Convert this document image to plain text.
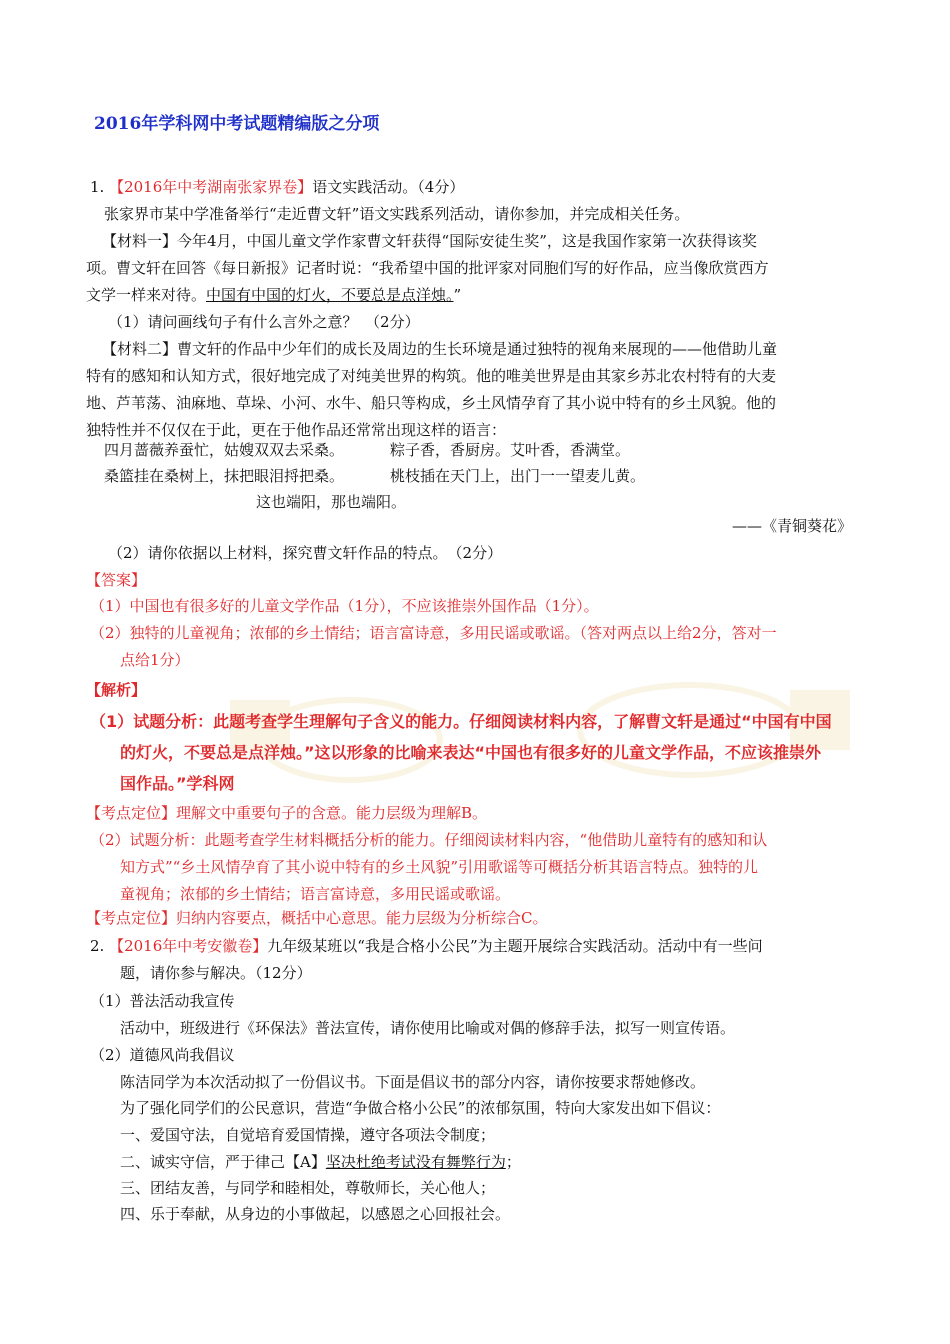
2016年学科网中考试题精编版之分项
1. 【2016年中考湖南张家界卷】语文实践活动。（4分）
张家界市某中学准备举行“走近曹文轩”语文实践系列活动，请你参加，并完成相关任务。
【材料一】今年4月，中国儿童文学作家曹文轩获得“国际安徒生奖”，这是我国作家第一次获得该奖
项。曹文轩在回答《每日新报》记者时说：“我希望中国的批评家对同胞们写的好作品，应当像欣赏西方
文学一样来对待。中国有中国的灯火，不要总是点洋烛。”
（1）请问画线句子有什么言外之意？　（2分）
【材料二】曹文轩的作品中少年们的成长及周边的生长环境是通过独特的视角来展现的——他借助儿童
特有的感知和认知方式，很好地完成了对纯美世界的构筑。他的唯美世界是由其家乡苏北农村特有的大麦
地、芦苇荡、油麻地、草垛、小河、水牛、船只等构成，乡土风情孕育了其小说中特有的乡土风貌。他的
独特性并不仅仅在于此，更在于他作品还常常出现这样的语言：
四月蔷薇养蚕忙，姑嫂双双去采桑。	粽子香，香厨房。艾叶香，香满堂。
桑篮挂在桑树上，抹把眼泪捋把桑。	桃枝插在天门上，出门一一望麦儿黄。
这也端阳，那也端阳。
——《青铜葵花》
（2）请你依据以上材料，探究曹文轩作品的特点。　（2分）
【答案】
（1）中国也有很多好的儿童文学作品（1分），不应该推崇外国作品（1分）。
（2）独特的儿童视角；浓郁的乡土情结；语言富诗意，多用民谣或歌谣。（答对两点以上给2分，答对一
点给1分）
【解析】
（1）试题分析：此题考查学生理解句子含义的能力。仔细阅读材料内容，了解曹文轩是通过“中国有中国
的灯火，不要总是点洋烛。”这以形象的比喻来表达“中国也有很多好的儿童文学作品，不应该推崇外
国作品。”学科网
【考点定位】理解文中重要句子的含意。能力层级为理解B。
（2）试题分析：此题考查学生材料概括分析的能力。仔细阅读材料内容，“他借助儿童特有的感知和认
知方式”“乡土风情孕育了其小说中特有的乡土风貌”引用歌谣等可概括分析其语言特点。独特的儿
童视角；浓郁的乡土情结；语言富诗意，多用民谣或歌谣。
【考点定位】归纳内容要点，概括中心意思。能力层级为分析综合C。
2. 【2016年中考安徽卷】九年级某班以“我是合格小公民”为主题开展综合实践活动。活动中有一些问
题，请你参与解决。（12分）
（1）普法活动我宣传
活动中，班级进行《环保法》普法宣传，请你使用比喻或对偶的修辞手法，拟写一则宣传语。
（2）道德风尚我倡议
陈洁同学为本次活动拟了一份倡议书。下面是倡议书的部分内容，请你按要求帮她修改。
为了强化同学们的公民意识，营造“争做合格小公民”的浓郁氛围，特向大家发出如下倡议：
一、爱国守法，自觉培育爱国情操，遵守各项法令制度；
二、诚实守信，严于律己【A】坚决杜绝考试没有舞弊行为；
三、团结友善，与同学和睦相处，尊敬师长，关心他人；
四、乐于奉献，从身边的小事做起，以感恩之心回报社会。
